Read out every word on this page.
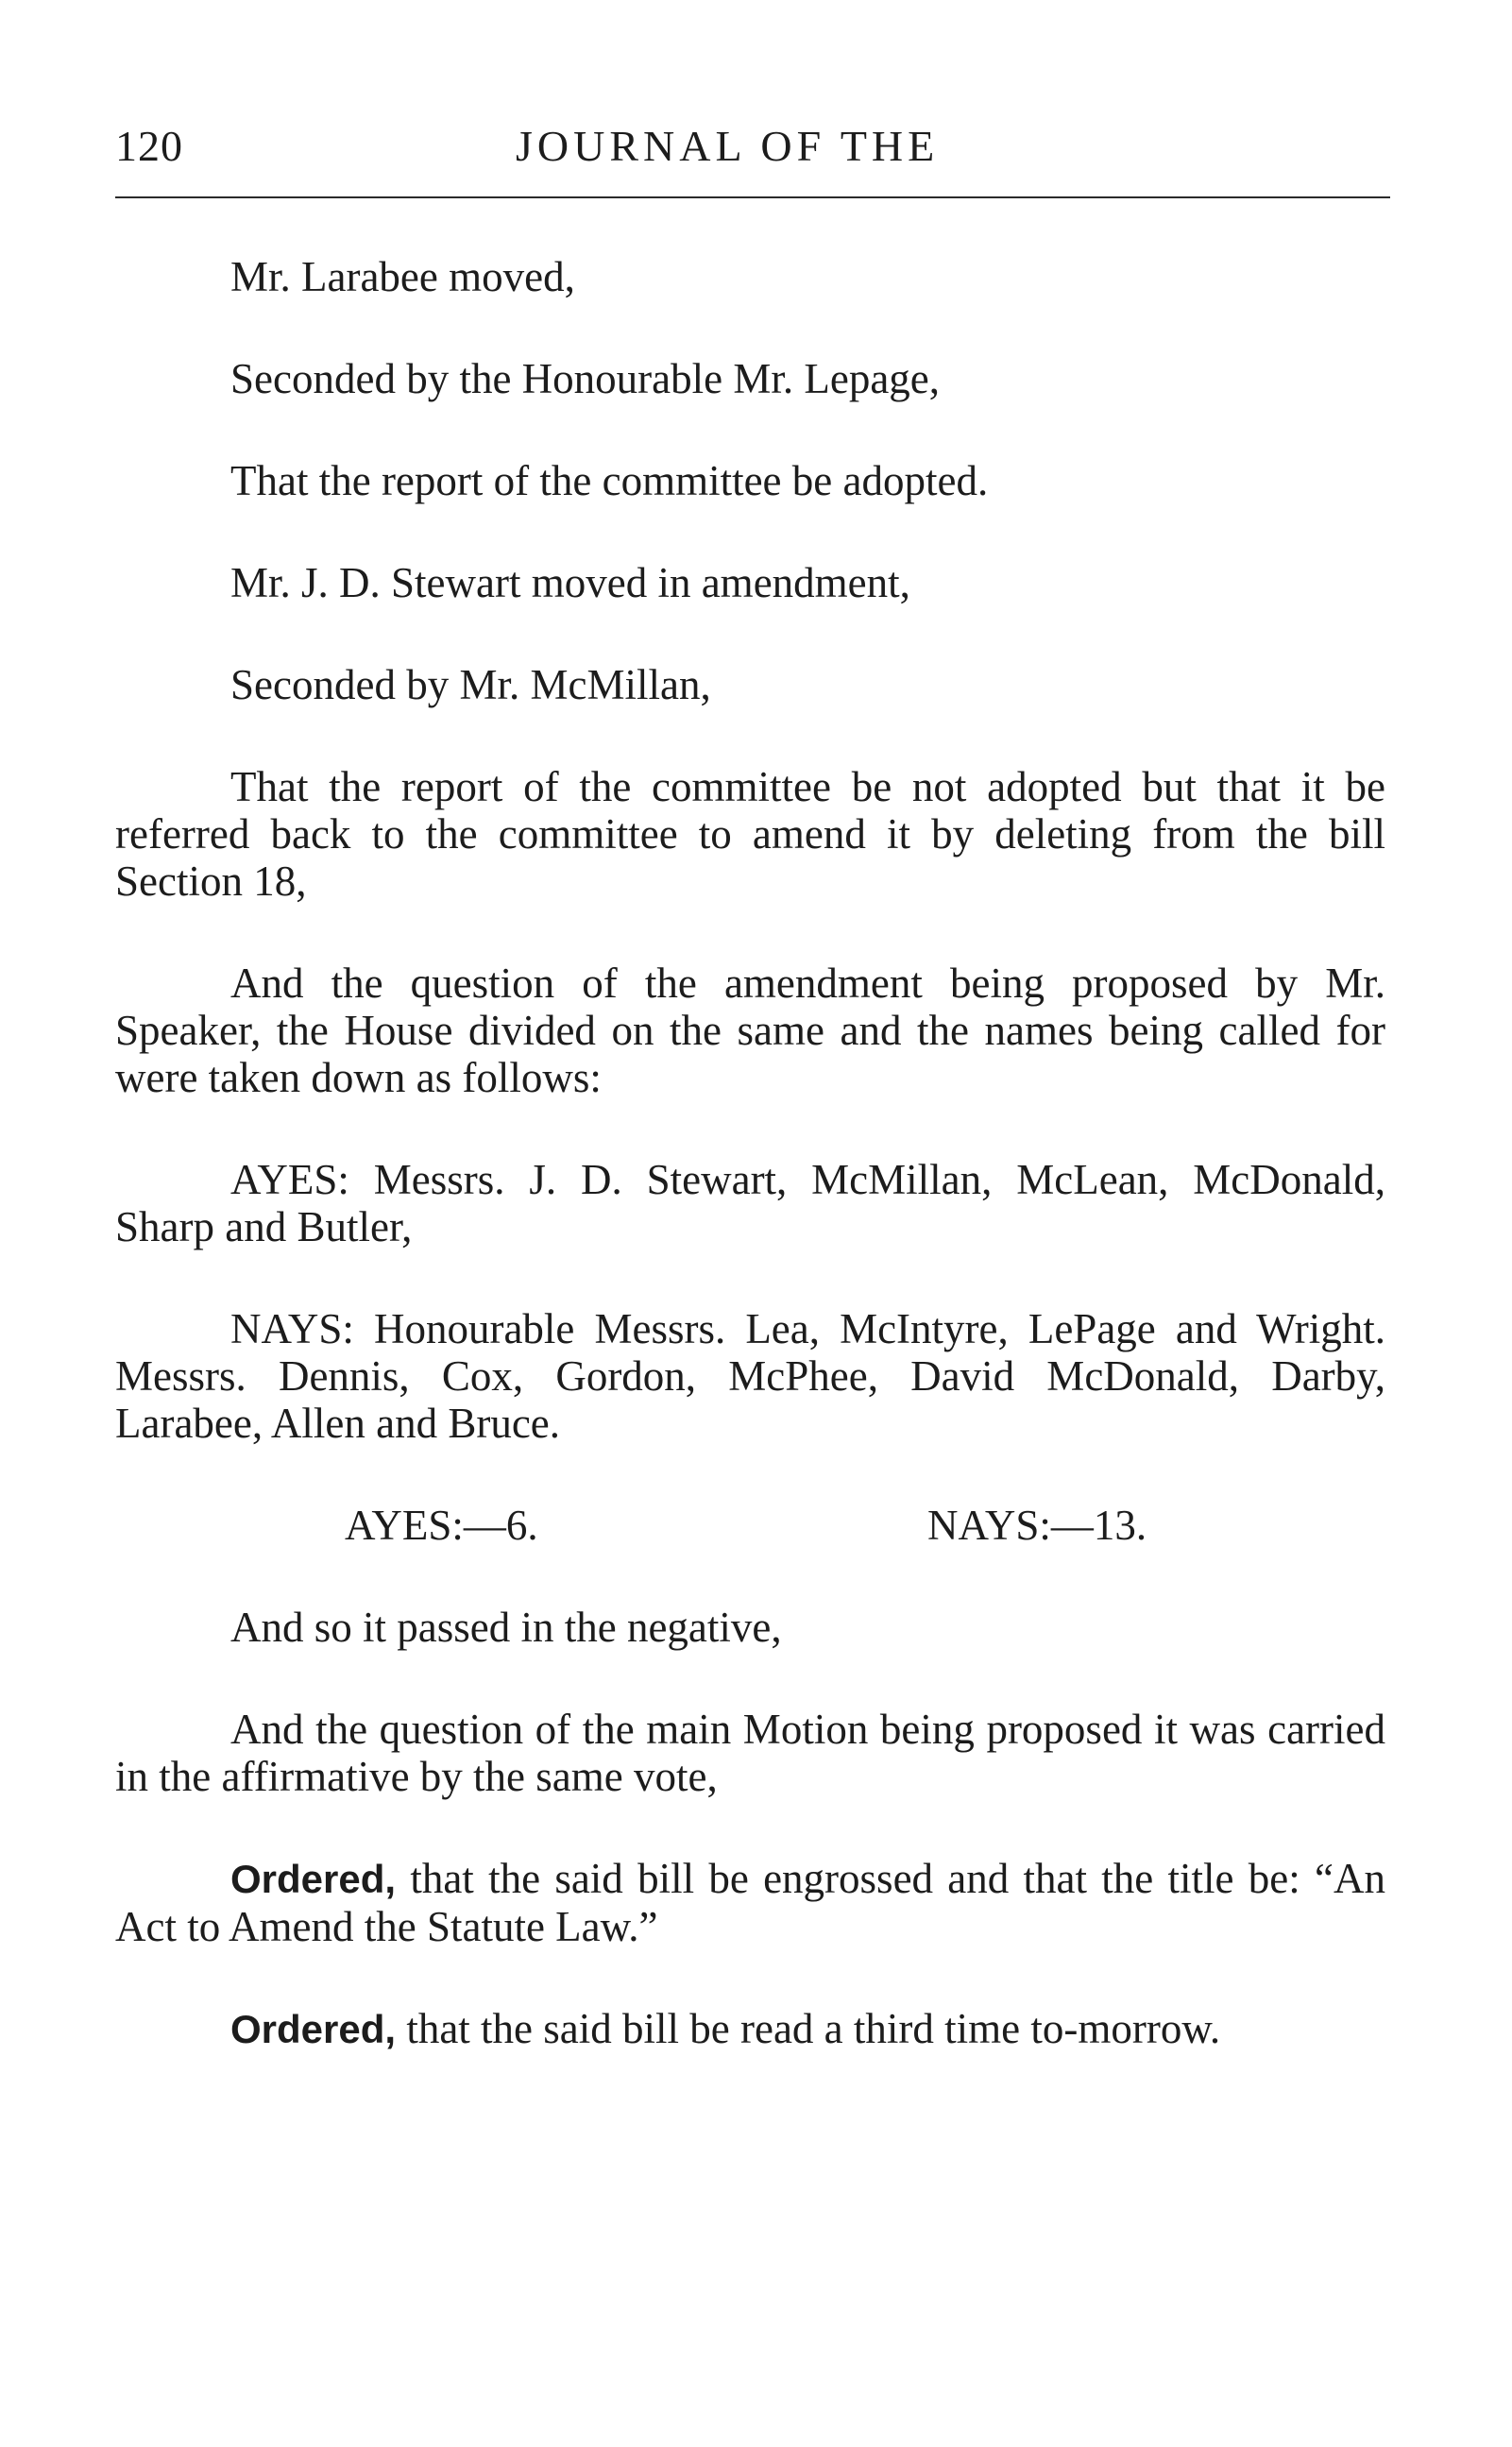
120	JOURNAL OF THE

Mr. Larabee moved,

Seconded by the Honourable Mr. Lepage,

That the report of the committee be adopted.

Mr. J. D. Stewart moved in amendment,

Seconded by Mr. McMillan,

That the report of the committee be not adopted but that it be referred back to the committee to amend it by deleting from the bill Section 18,

And the question of the amendment being proposed by Mr. Speaker, the House divided on the same and the names being called for were taken down as follows:

AYES: Messrs. J. D. Stewart, McMillan, McLean, McDonald, Sharp and Butler,

NAYS: Honourable Messrs. Lea, McIntyre, LePage and Wright. Messrs. Dennis, Cox, Gordon, McPhee, David McDonald, Darby, Larabee, Allen and Bruce.

AYES:—6.	NAYS:—13.

And so it passed in the negative,

And the question of the main Motion being proposed it was carried in the affirmative by the same vote,

Ordered, that the said bill be engrossed and that the title be: “An Act to Amend the Statute Law.”

Ordered, that the said bill be read a third time to-morrow.
